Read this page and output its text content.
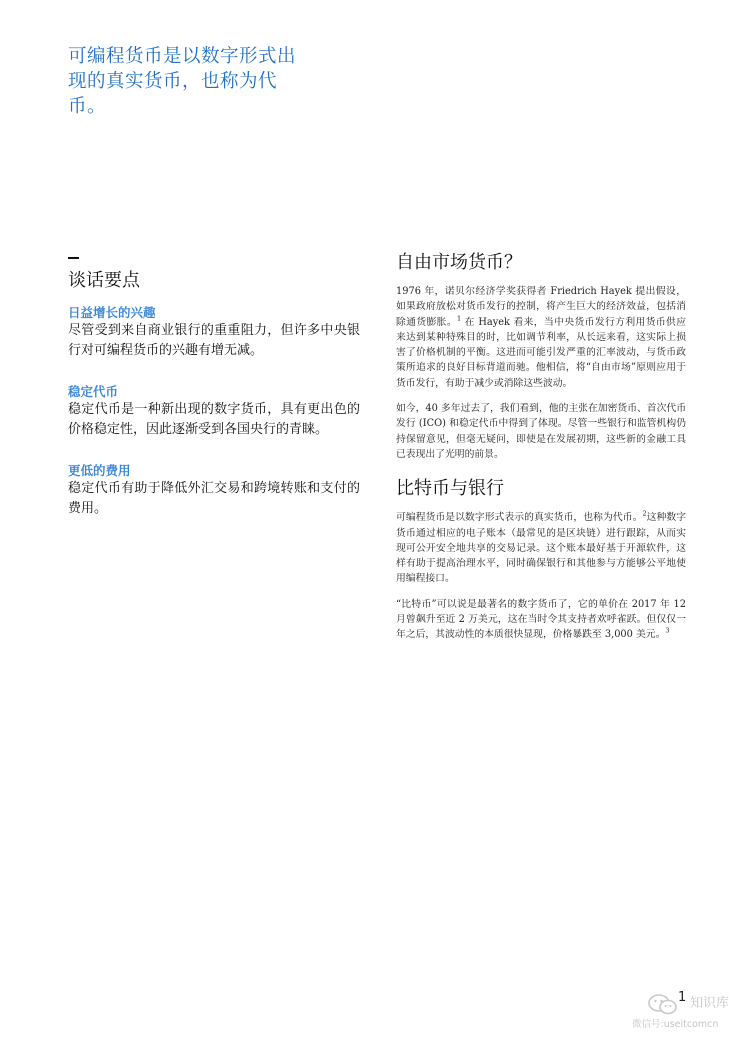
可编程货币是以数字形式出现的真实货币，也称为代币。
谈话要点
日益增长的兴趣
尽管受到来自商业银行的重重阻力，但许多中央银行对可编程货币的兴趣有增无减。
稳定代币
稳定代币是一种新出现的数字货币，具有更出色的价格稳定性，因此逐渐受到各国央行的青睐。
更低的费用
稳定代币有助于降低外汇交易和跨境转账和支付的费用。
自由市场货币？

1976 年，诺贝尔经济学奖获得者 Friedrich Hayek 提出假设，如果政府放松对货币发行的控制，将产生巨大的经济效益，包括消除通货膨胀。$^1$ 在 Hayek 看来，当中央货币发行方利用货币供应来达到某种特殊目的时，比如调节利率，从长远来看，这实际上损害了价格机制的平衡。这进而可能引发严重的汇率波动，与货币政策所追求的良好目标背道而驰。他相信，将“自由市场”原则应用于货币发行，有助于减少或消除这些波动。

如今，40 多年过去了，我们看到，他的主张在加密货币、首次代币发行 (ICO) 和稳定代币中得到了体现。尽管一些银行和监管机构仍持保留意见，但毫无疑问，即使是在发展初期，这些新的金融工具已表现出了光明的前景。

比特币与银行

可编程货币是以数字形式表示的真实货币，也称为代币。$^2$这种数字货币通过相应的电子账本（最常见的是区块链）进行跟踪，从而实现可公开安全地共享的交易记录。这个账本最好基于开源软件，这样有助于提高治理水平，同时确保银行和其他参与方能够公平地使用编程接口。

“比特币”可以说是最著名的数字货币了，它的单价在 2017 年 12 月曾飙升至近 2 万美元，这在当时令其支持者欢呼雀跃。但仅仅一年之后，其波动性的本质很快显现，价格暴跌至 3,000 美元。$^3$

知识库
微信号:useitcomcn
1
